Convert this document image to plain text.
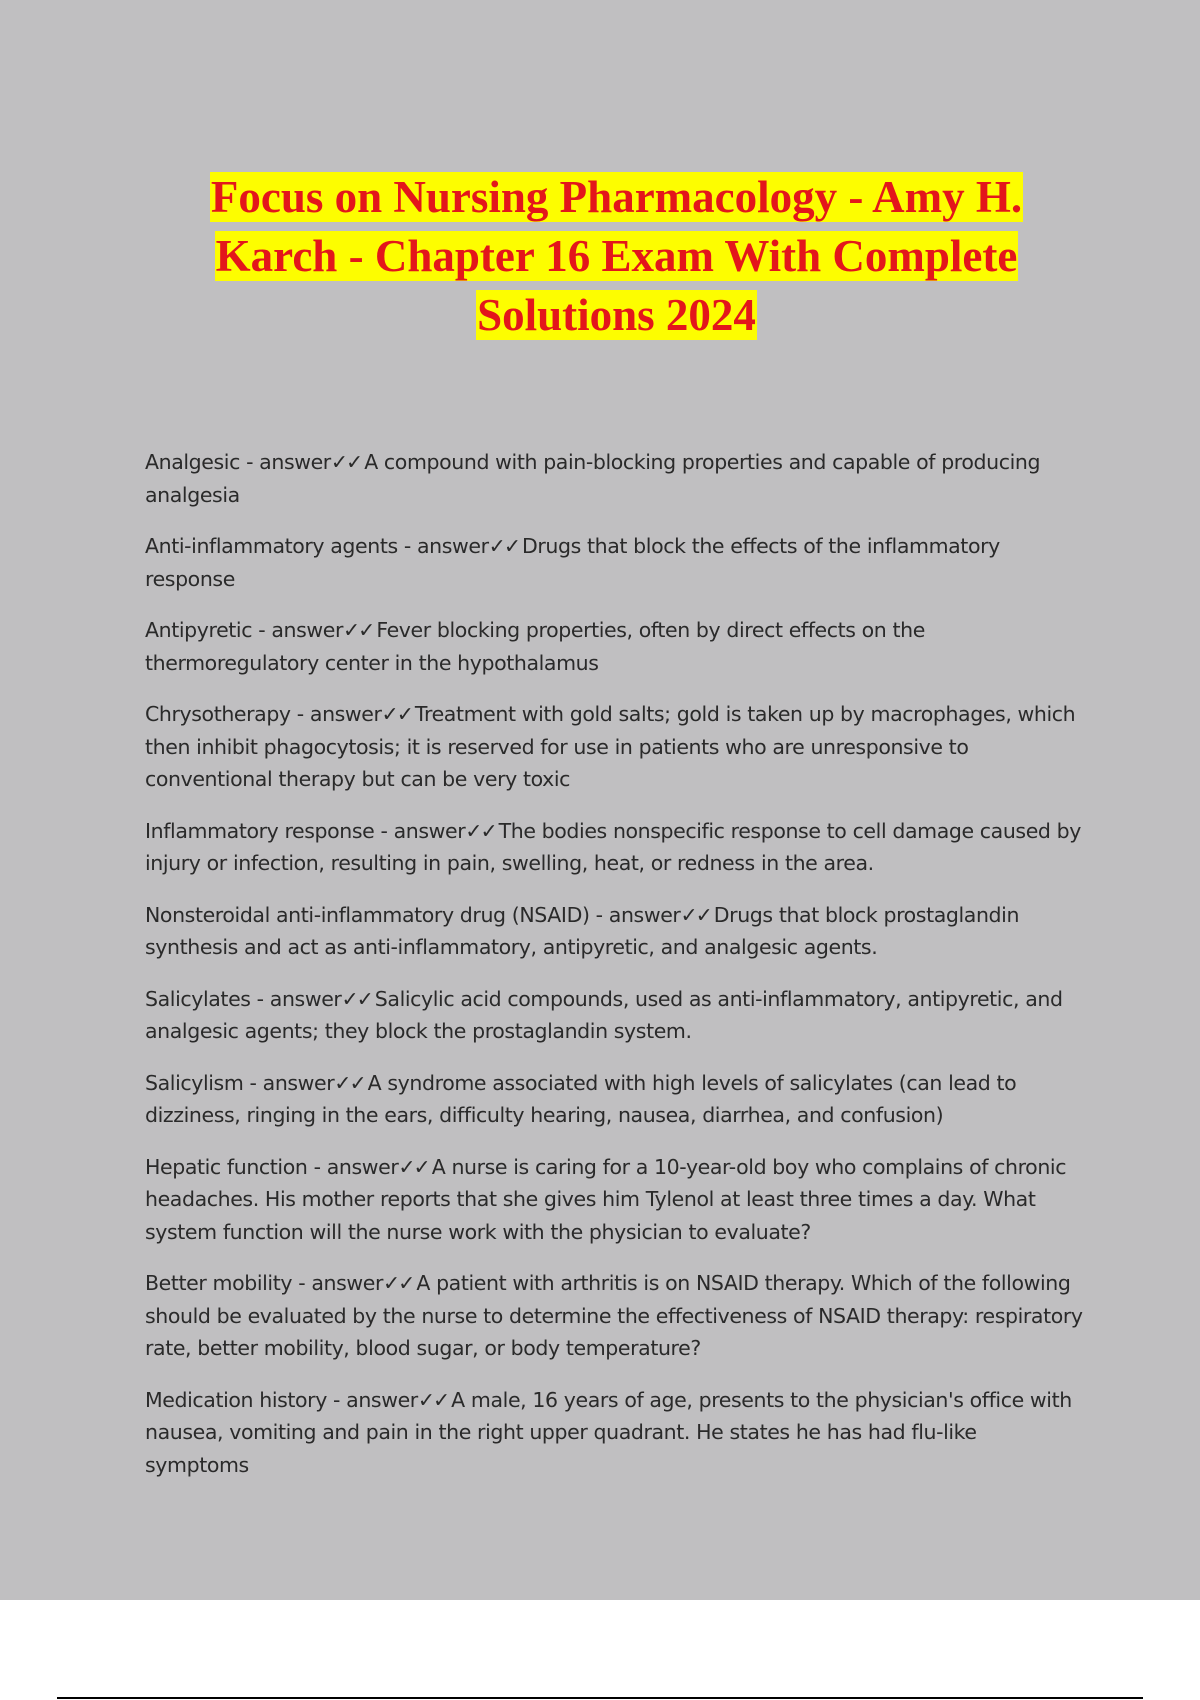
Focus on Nursing Pharmacology - Amy H.
Karch - Chapter 16 Exam With Complete
Solutions 2024
Analgesic - answer✓✓ A compound with pain-blocking properties and capable of producing analgesia
Anti-inflammatory agents - answer✓✓ Drugs that block the effects of the inflammatory response
Antipyretic - answer✓✓ Fever blocking properties, often by direct effects on the thermoregulatory center in the hypothalamus
Chrysotherapy - answer✓✓ Treatment with gold salts; gold is taken up by macrophages, which then inhibit phagocytosis; it is reserved for use in patients who are unresponsive to conventional therapy but can be very toxic
Inflammatory response - answer✓✓ The bodies nonspecific response to cell damage caused by injury or infection, resulting in pain, swelling, heat, or redness in the area.
Nonsteroidal anti-inflammatory drug (NSAID) - answer✓✓ Drugs that block prostaglandin synthesis and act as anti-inflammatory, antipyretic, and analgesic agents.
Salicylates - answer✓✓ Salicylic acid compounds, used as anti-inflammatory, antipyretic, and analgesic agents; they block the prostaglandin system.
Salicylism - answer✓✓ A syndrome associated with high levels of salicylates (can lead to dizziness, ringing in the ears, difficulty hearing, nausea, diarrhea, and confusion)
Hepatic function - answer✓✓ A nurse is caring for a 10-year-old boy who complains of chronic headaches. His mother reports that she gives him Tylenol at least three times a day. What system function will the nurse work with the physician to evaluate?
Better mobility - answer✓✓ A patient with arthritis is on NSAID therapy. Which of the following should be evaluated by the nurse to determine the effectiveness of NSAID therapy: respiratory rate, better mobility, blood sugar, or body temperature?
Medication history - answer✓✓ A male, 16 years of age, presents to the physician's office with nausea, vomiting and pain in the right upper quadrant. He states he has had flu-like symptoms
